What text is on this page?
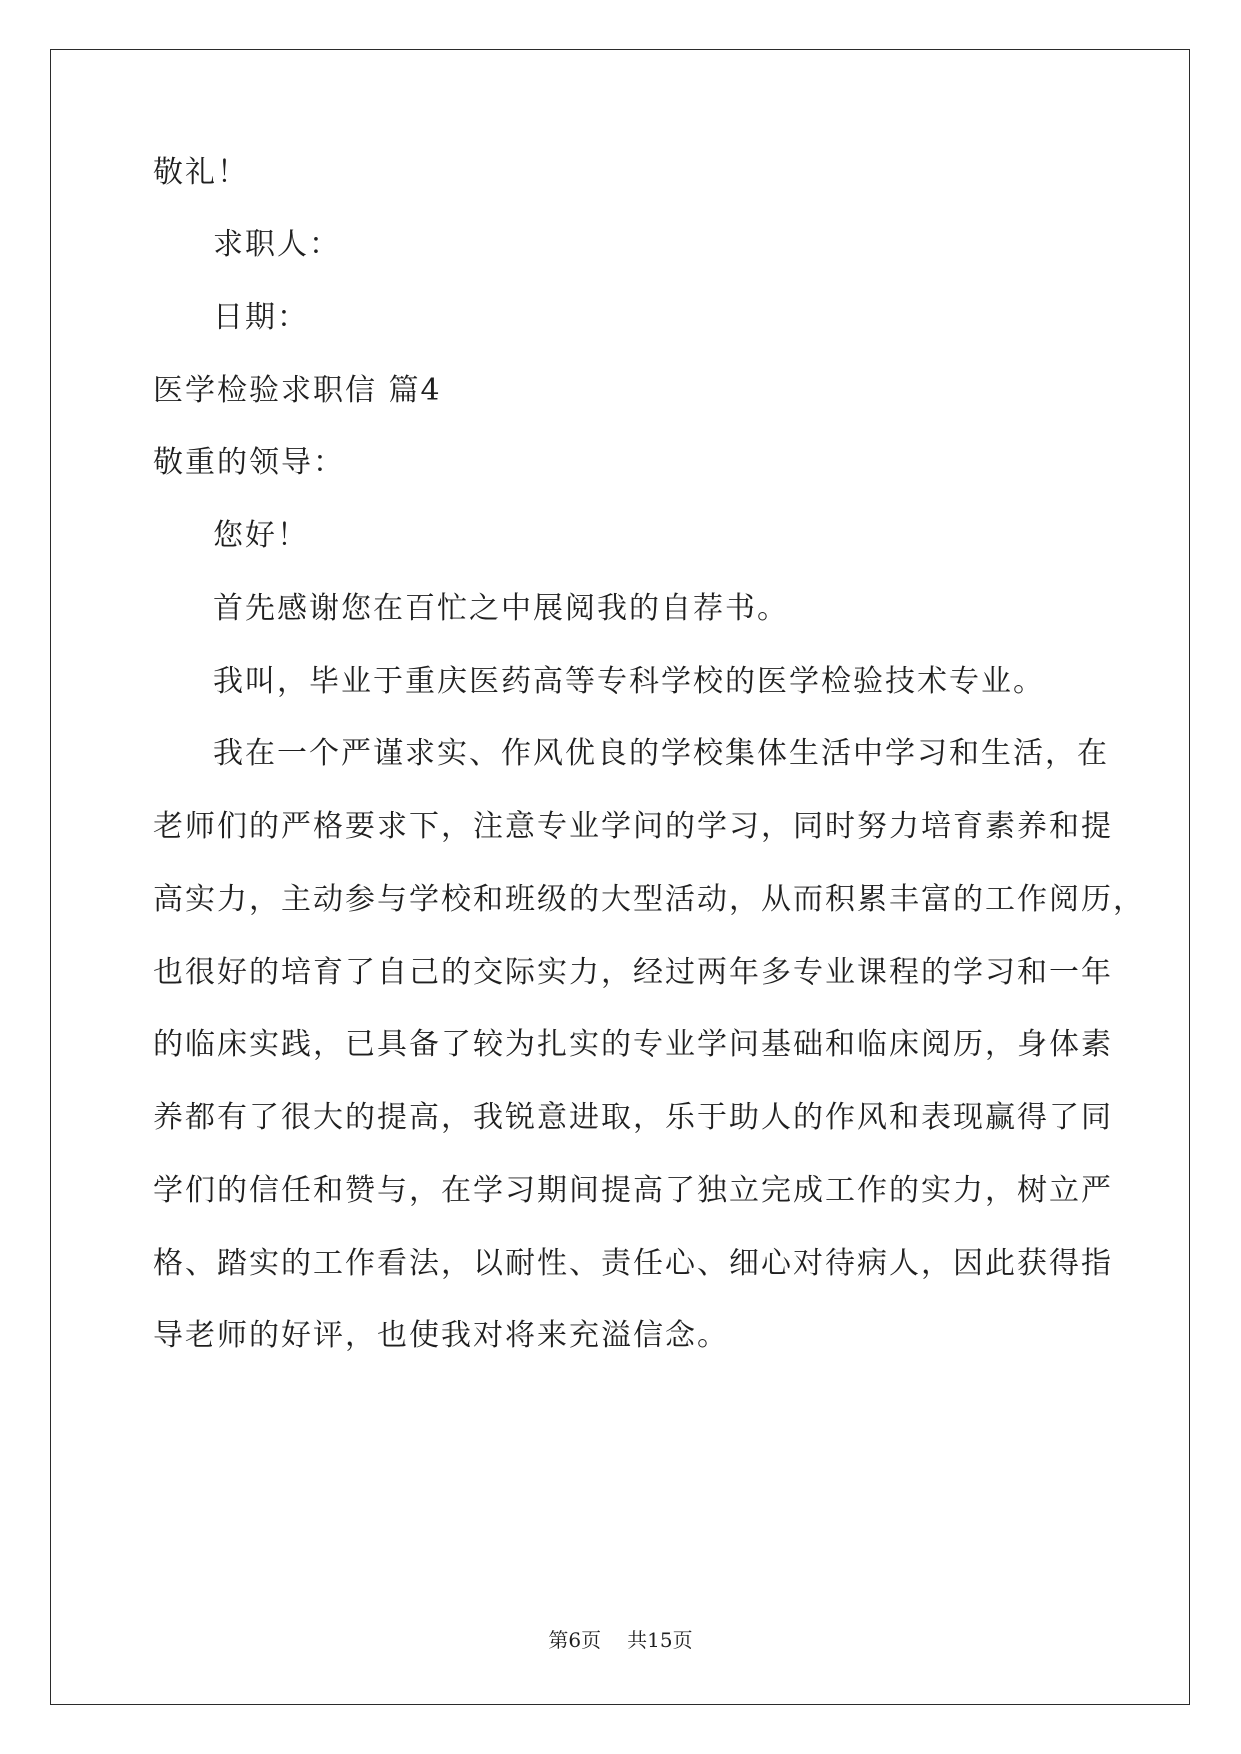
敬礼！

求职人：

日期：

医学检验求职信 篇4

敬重的领导：

您好！

首先感谢您在百忙之中展阅我的自荐书。

我叫，毕业于重庆医药高等专科学校的医学检验技术专业。

我在一个严谨求实、作风优良的学校集体生活中学习和生活，在

老师们的严格要求下，注意专业学问的学习，同时努力培育素养和提

高实力，主动参与学校和班级的大型活动，从而积累丰富的工作阅历，

也很好的培育了自己的交际实力，经过两年多专业课程的学习和一年

的临床实践，已具备了较为扎实的专业学问基础和临床阅历，身体素

养都有了很大的提高，我锐意进取，乐于助人的作风和表现赢得了同

学们的信任和赞与，在学习期间提高了独立完成工作的实力，树立严

格、踏实的工作看法，以耐性、责任心、细心对待病人，因此获得指

导老师的好评，也使我对将来充溢信念。

第6页 共15页
